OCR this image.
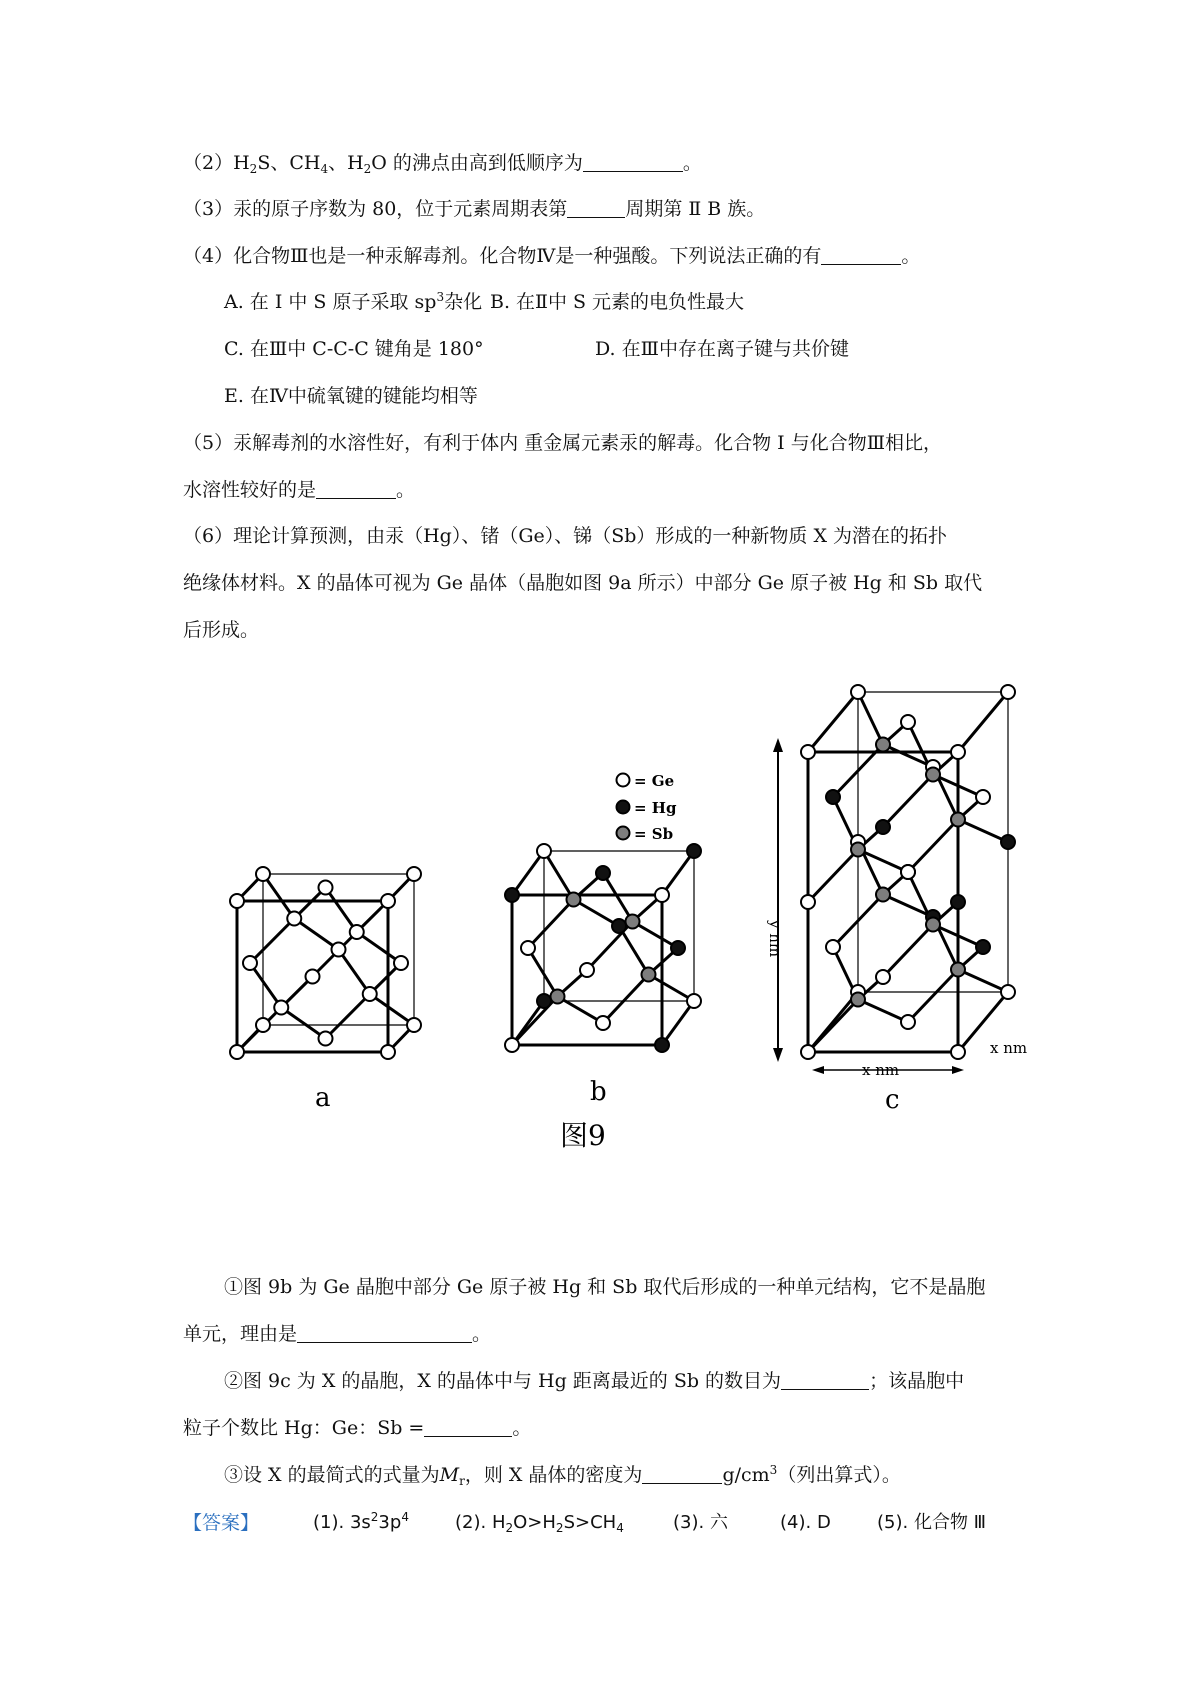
$(2)H_2S$、$CH_4$、$H_2O$ 的沸点由高到低顺序为	。
（3）汞的原子序数为 80，位于元素周期表第	周期第 Ⅱ B 族。
（4）化合物Ⅲ也是一种汞解毒剂。化合物Ⅳ是一种强酸。下列说法正确的有	。
A. 在 I 中 S 原子采取 $sp^3$杂化 B. 在Ⅱ中 S 元素的电负性最大
C. 在Ⅲ中 C-C-C 键角是 180°	D. 在Ⅲ中存在离子键与共价键
E. 在Ⅳ中硫氧键的键能均相等
（5）汞解毒剂的水溶性好，有利于体内 重金属元素汞的解毒。化合物 I 与化合物Ⅲ相比，
水溶性较好的是	。
（6）理论计算预测，由汞（Hg）、锗（Ge）、锑（Sb）形成的一种新物质 X 为潜在的拓扑
绝缘体材料。X 的晶体可视为 Ge 晶体（晶胞如图 9a 所示）中部分 Ge 原子被 Hg 和 Sb 取代
后形成。
= Ge
= Hg
= Sb
y nm
x nm
x nm
a	b	c
图9
①图 9b 为 Ge 晶胞中部分 Ge 原子被 Hg 和 Sb 取代后形成的一种单元结构，它不是晶胞
单元，理由是	。
②图 9c 为 X 的晶胞，X 的晶体中与 Hg 距离最近的 Sb 的数目为	；该晶胞中
粒子个数比 Hg：Ge：Sb =	。
③设 X 的最简式的式量为$M_r$，则 X 晶体的密度为	$g/cm^3$（列出算式）。
【答案】	(1). $3s^23p^4$	(2). $H_2O>H_2S>CH_4$	(3). 六	(4). D	(5). 化合物 Ⅲ
